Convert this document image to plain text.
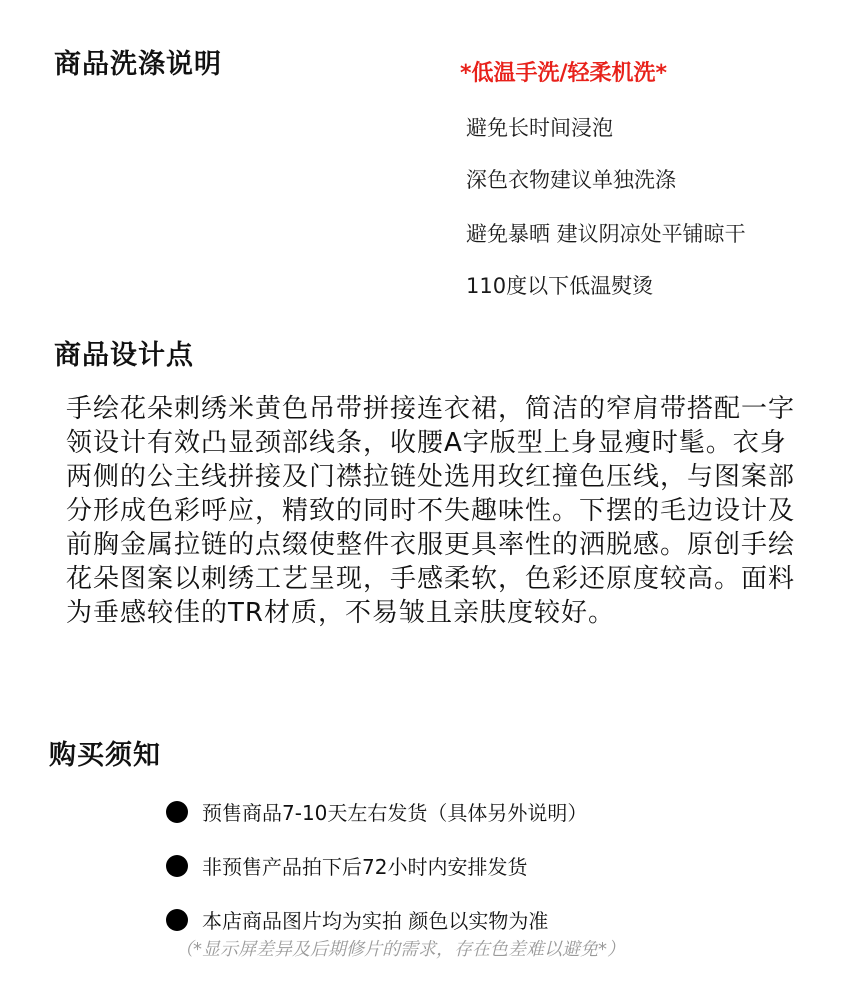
商品洗涤说明	*低温手洗/轻柔机洗*
避免长时间浸泡
深色衣物建议单独洗涤
避免暴晒 建议阴凉处平铺晾干
110度以下低温熨烫
商品设计点
手绘花朵刺绣米黄色吊带拼接连衣裙，简洁的窄肩带搭配一字领设计有效凸显颈部线条，收腰A字版型上身显瘦时髦。衣身两侧的公主线拼接及门襟拉链处选用玫红撞色压线，与图案部分形成色彩呼应，精致的同时不失趣味性。下摆的毛边设计及前胸金属拉链的点缀使整件衣服更具率性的洒脱感。原创手绘花朵图案以刺绣工艺呈现，手感柔软，色彩还原度较高。面料为垂感较佳的TR材质，不易皱且亲肤度较好。
购买须知
预售商品7-10天左右发货（具体另外说明）
非预售产品拍下后72小时内安排发货
本店商品图片均为实拍 颜色以实物为准
（*显示屏差异及后期修片的需求，存在色差难以避免*）
